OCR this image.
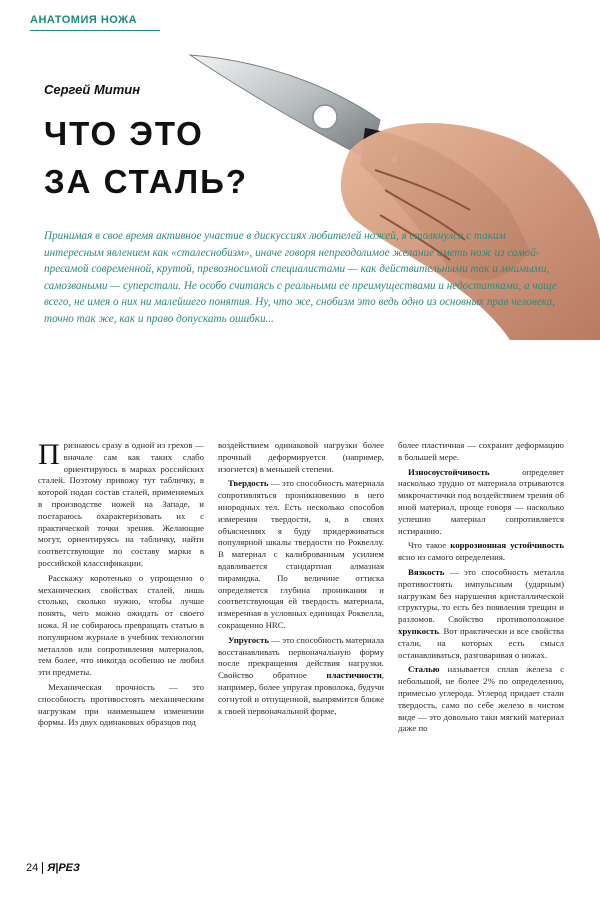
АНАТОМИЯ НОЖА
Сергей Митин
ЧТО ЭТО
ЗА СТАЛЬ?

Принимая в свое время активное участие в дискуссиях любителей ножей, я столкнулся с таким интересным явлением как «сталеснобизм», иначе говоря непреодолимое желание иметь нож из самой-пресамой современной, крутой, превозносимой специалистами — как действительными так и мнимыми, самозваными — суперстали. Не особо считаясь с реальными ее преимуществами и недостатками, а чаще всего, не имея о них ни малейшего понятия. Ну, что же, снобизм это ведь одно из основных прав человека, точно так же, как и право допускать ошибки...

Признаюсь сразу в одной из грехов — вначале сам как таких слабо ориентируюсь в марках российских сталей. Поэтому привожу тут табличку, в которой подан состав сталей, применяемых в производстве ножей на Западе, и постараюсь охарактеризовать их с практической точки зрения. Желающие могут, ориентируясь на табличку, найти соответствующие по составу марки в российской классификации.

Расскажу коротенько о упрощенно о механических свойствах сталей, лишь столько, сколько нужно, чтобы лучше понять, чего можно ожидать от своего ножа. Я не собираюсь превращать статью в популярном журнале в учебник технологии металлов или сопротивления материалов, тем более, что никогда особенно не любил эти предметы.

Механическая прочность — это способность противостоять механическим нагрузкам при наименьшем изменении формы. Из двух одинаковых образцов под

воздействием одинаковой нагрузки более прочный деформируется (например, изогнется) в меньшей степени.

Твердость — это способность материала сопротивляться проникновению в него инородных тел. Есть несколько способов измерения твердости, я, в своих объяснениях я буду придерживаться популярной шкалы твердости по Роквеллу. В материал с калиброванным усилием вдавливается стандартная алмазная пирамидка. По величине оттиска определяется глубина проникания и соответствующая ей твердость материала, измеренная в условных единицах Роквелла, сокращенно HRC.

Упругость — это способность материала восстанавливать первоначальную форму после прекращения действия нагрузки. Свойство обратное пластичности, например, более упругая проволока, будучи согнутой и отпущенной, выпрямится ближе к своей первоначальной форме,

более пластичная — сохранит деформацию в большей мере.

Износоустойчивость определяет насколько трудно от материала отрываются микрочастички под воздействием трения об иной материал, проще говоря — насколько успешно материал сопротивляется истиранию.

Что такое коррозионная устойчивость ясно из самого определения.

Вязкость — это способность металла противостоять импульсным (ударным) нагрузкам без нарушения кристаллической структуры, то есть без появления трещин и разломов. Свойство противоположное хрупкость. Вот практически и все свойства стали, на которых есть смысл останавливаться, разговаривая о ножах.

Сталью называется сплав железа с небольшой, не более 2% по определению, примесью углерода. Углерод придает стали твердость, само по себе железо в чистом виде — это довольно таки мягкий материал даже по

24 Я|РЕЗ
